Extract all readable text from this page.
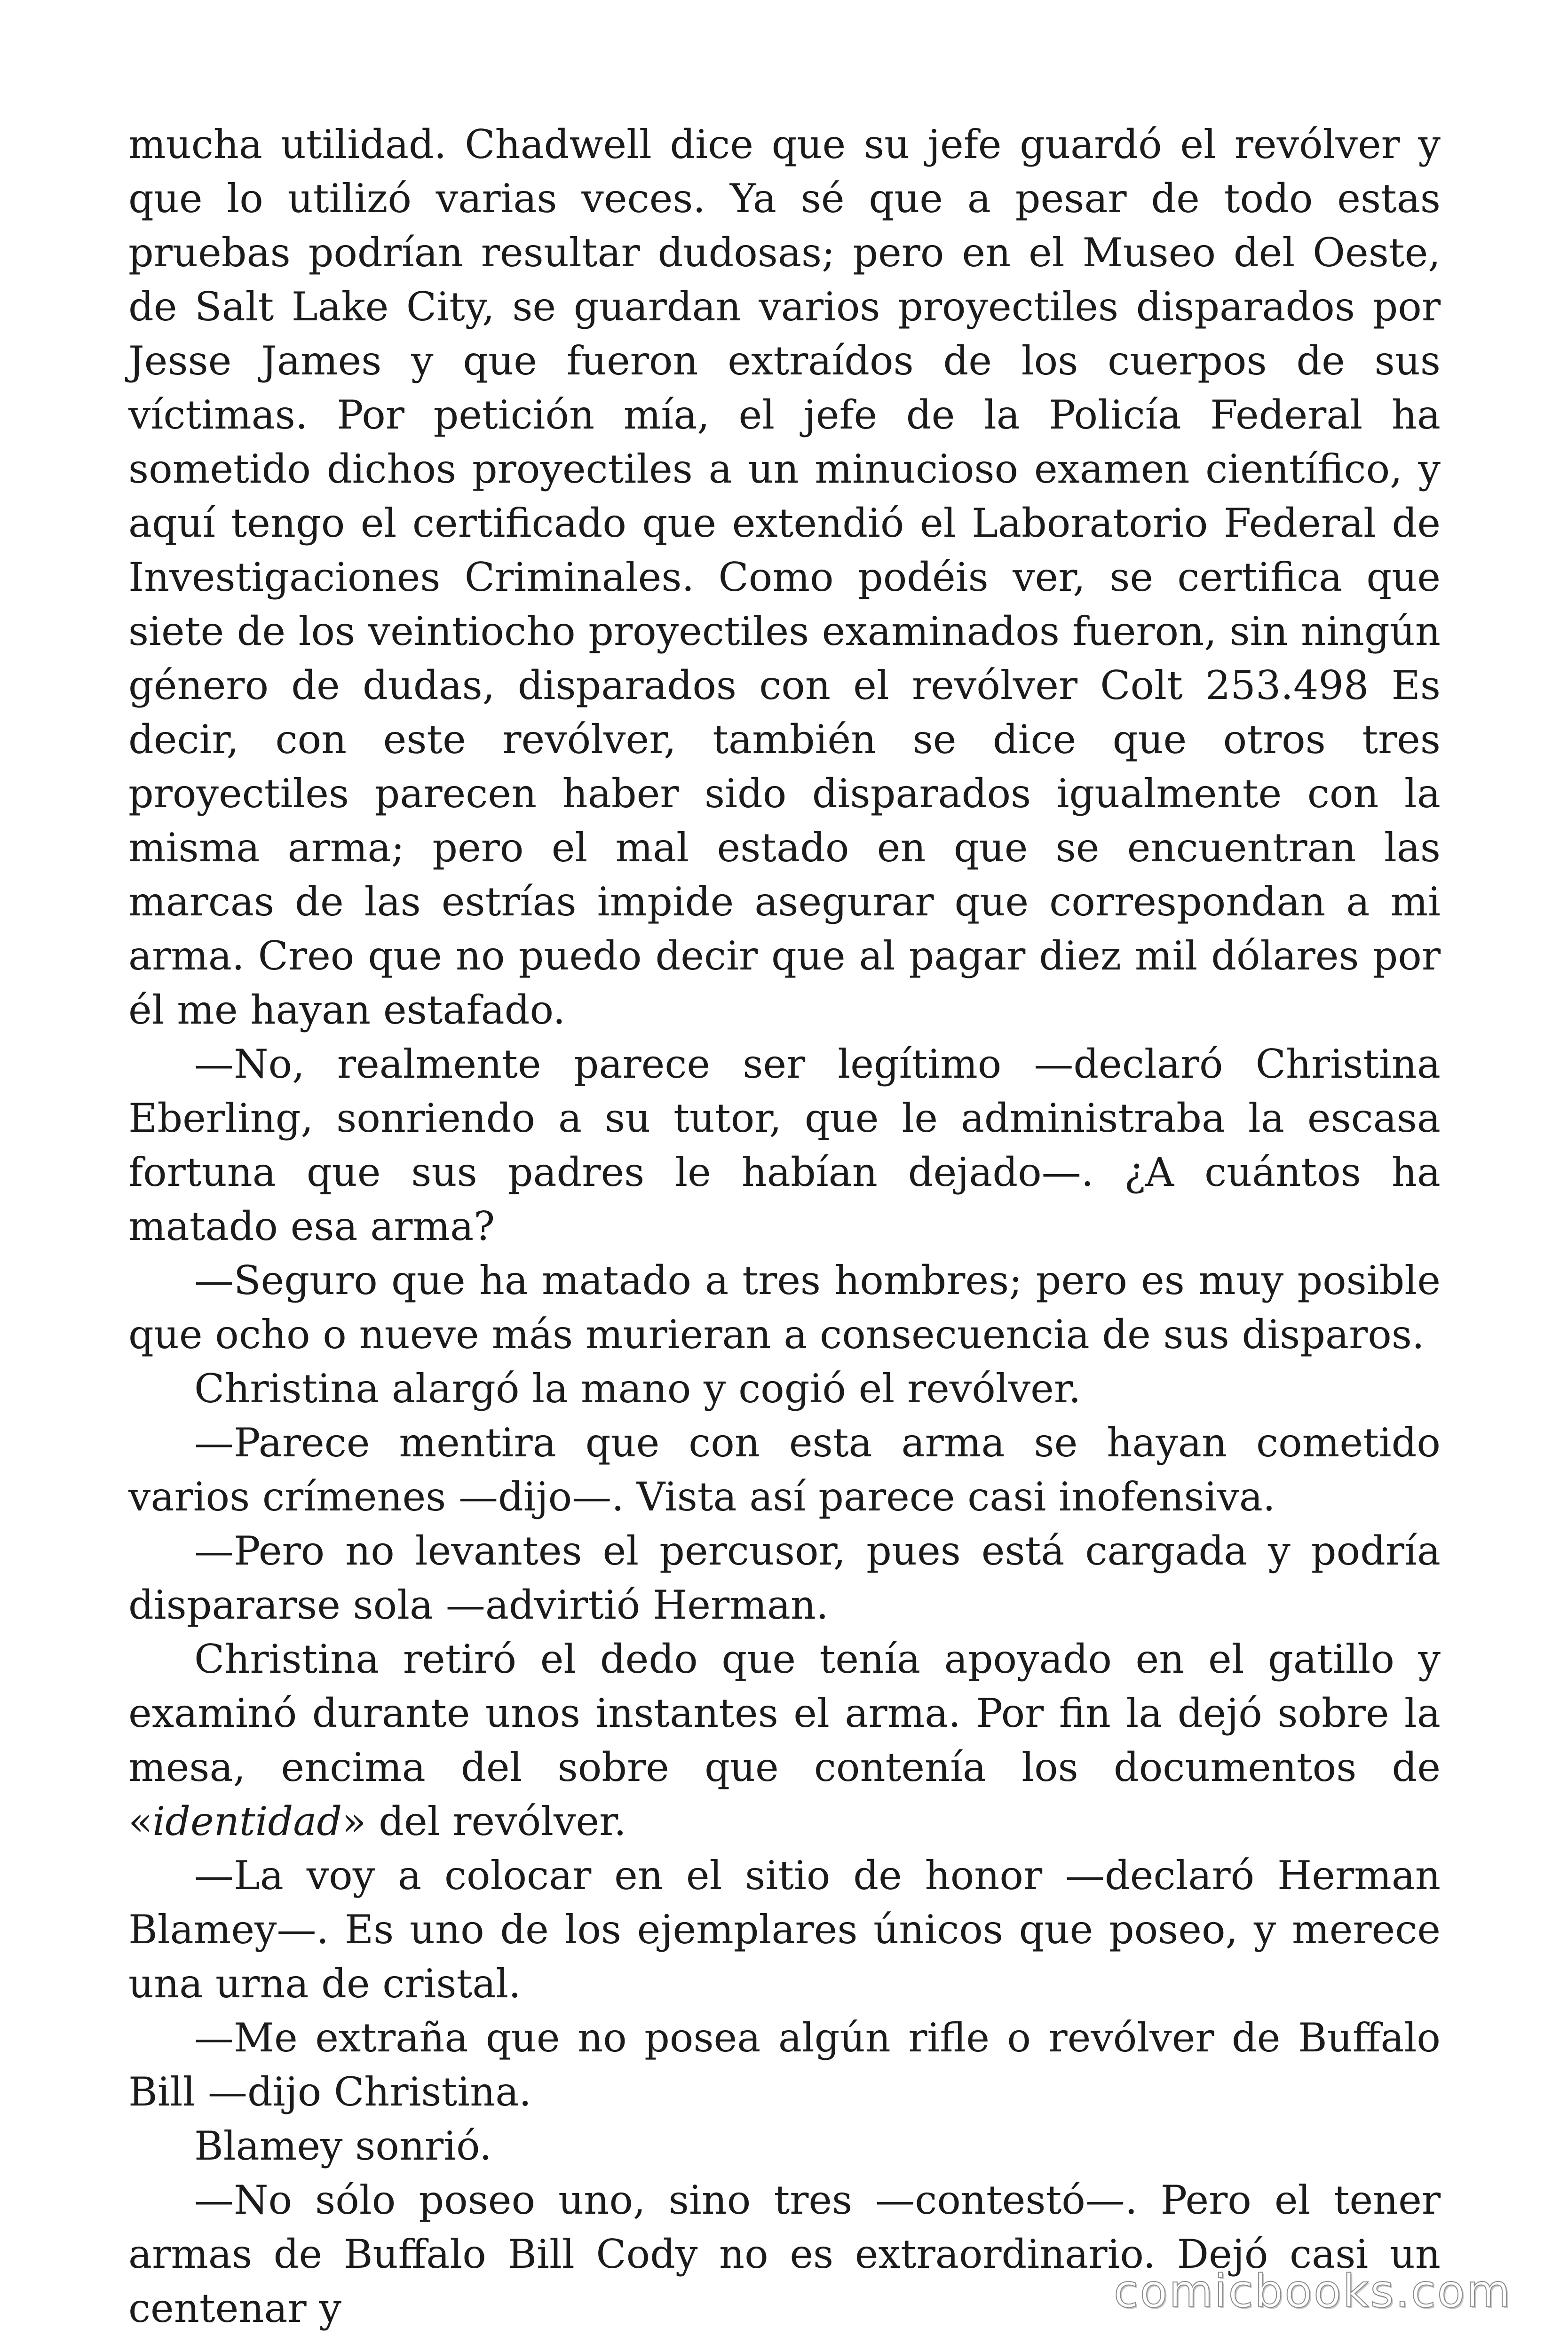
mucha utilidad. Chadwell dice que su jefe guardó el revólver y que lo utilizó varias veces. Ya sé que a pesar de todo estas pruebas podrían resultar dudosas; pero en el Museo del Oeste, de Salt Lake City, se guardan varios proyectiles disparados por Jesse James y que fueron extraídos de los cuerpos de sus víctimas. Por petición mía, el jefe de la Policía Federal ha sometido dichos proyectiles a un minucioso examen científico, y aquí tengo el certificado que extendió el Laboratorio Federal de Investigaciones Criminales. Como podéis ver, se certifica que siete de los veintiocho proyectiles examinados fueron, sin ningún género de dudas, disparados con el revólver Colt 253.498 Es decir, con este revólver, también se dice que otros tres proyectiles parecen haber sido disparados igualmente con la misma arma; pero el mal estado en que se encuentran las marcas de las estrías impide asegurar que correspondan a mi arma. Creo que no puedo decir que al pagar diez mil dólares por él me hayan estafado.

—No, realmente parece ser legítimo —declaró Christina Eberling, sonriendo a su tutor, que le administraba la escasa fortuna que sus padres le habían dejado—. ¿A cuántos ha matado esa arma?

—Seguro que ha matado a tres hombres; pero es muy posible que ocho o nueve más murieran a consecuencia de sus disparos.

Christina alargó la mano y cogió el revólver.

—Parece mentira que con esta arma se hayan cometido varios crímenes —dijo—. Vista así parece casi inofensiva.

—Pero no levantes el percusor, pues está cargada y podría dispararse sola —advirtió Herman.

Christina retiró el dedo que tenía apoyado en el gatillo y examinó durante unos instantes el arma. Por fin la dejó sobre la mesa, encima del sobre que contenía los documentos de «identidad» del revólver.

—La voy a colocar en el sitio de honor —declaró Herman Blamey—. Es uno de los ejemplares únicos que poseo, y merece una urna de cristal.

—Me extraña que no posea algún rifle o revólver de Buffalo Bill —dijo Christina.

Blamey sonrió.

—No sólo poseo uno, sino tres —contestó—. Pero el tener armas de Buffalo Bill Cody no es extraordinario. Dejó casi un centenar y	comicbooks.com
